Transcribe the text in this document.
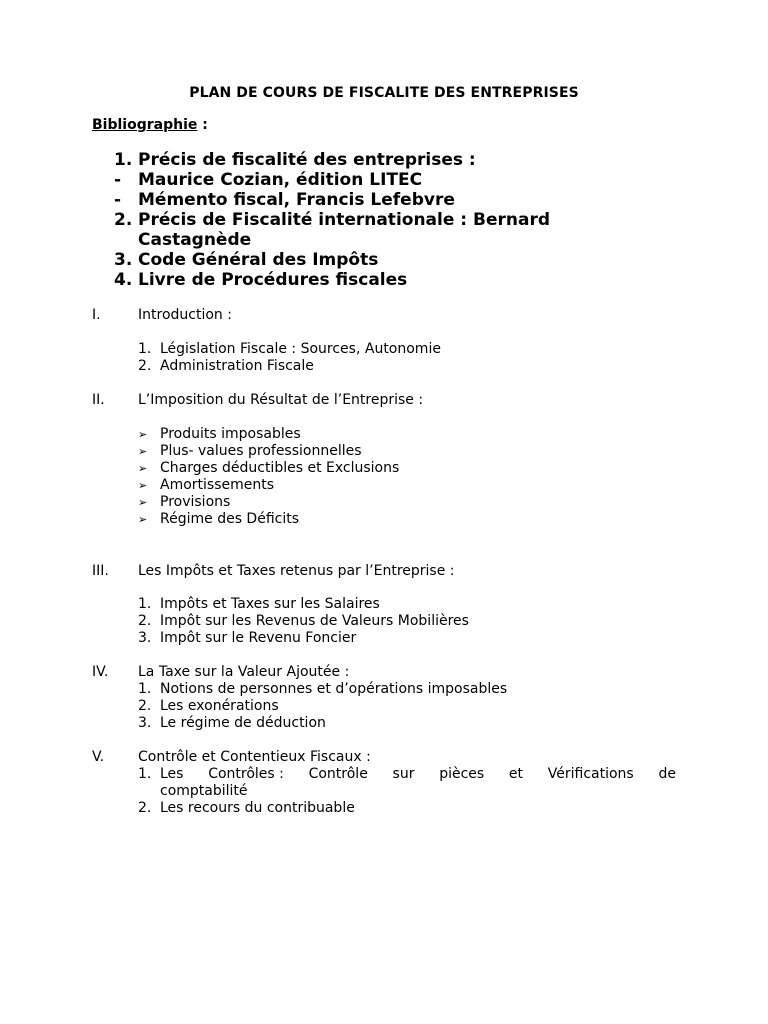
PLAN DE COURS DE FISCALITE DES ENTREPRISES
Bibliographie :
1. Précis de fiscalité des entreprises :
- Maurice Cozian, édition LITEC
- Mémento fiscal, Francis Lefebvre
2. Précis de Fiscalité internationale : Bernard
Castagnède
3. Code Général des Impôts
4. Livre de Procédures fiscales
I.	Introduction :
1. Législation Fiscale : Sources, Autonomie
2. Administration Fiscale
II. L’Imposition du Résultat de l’Entreprise :
➢ Produits imposables
➢ Plus- values professionnelles
➢ Charges déductibles et Exclusions
➢ Amortissements
➢ Provisions
➢ Régime des Déficits
III. Les Impôts et Taxes retenus par l’Entreprise :
1. Impôts et Taxes sur les Salaires
2. Impôt sur les Revenus de Valeurs Mobilières
3. Impôt sur le Revenu Foncier
IV. La Taxe sur la Valeur Ajoutée :
1. Notions de personnes et d’opérations imposables
2. Les exonérations
3. Le régime de déduction
V. Contrôle et Contentieux Fiscaux :
1. Les Contrôles : Contrôle sur pièces et Vérifications de
comptabilité
2. Les recours du contribuable
